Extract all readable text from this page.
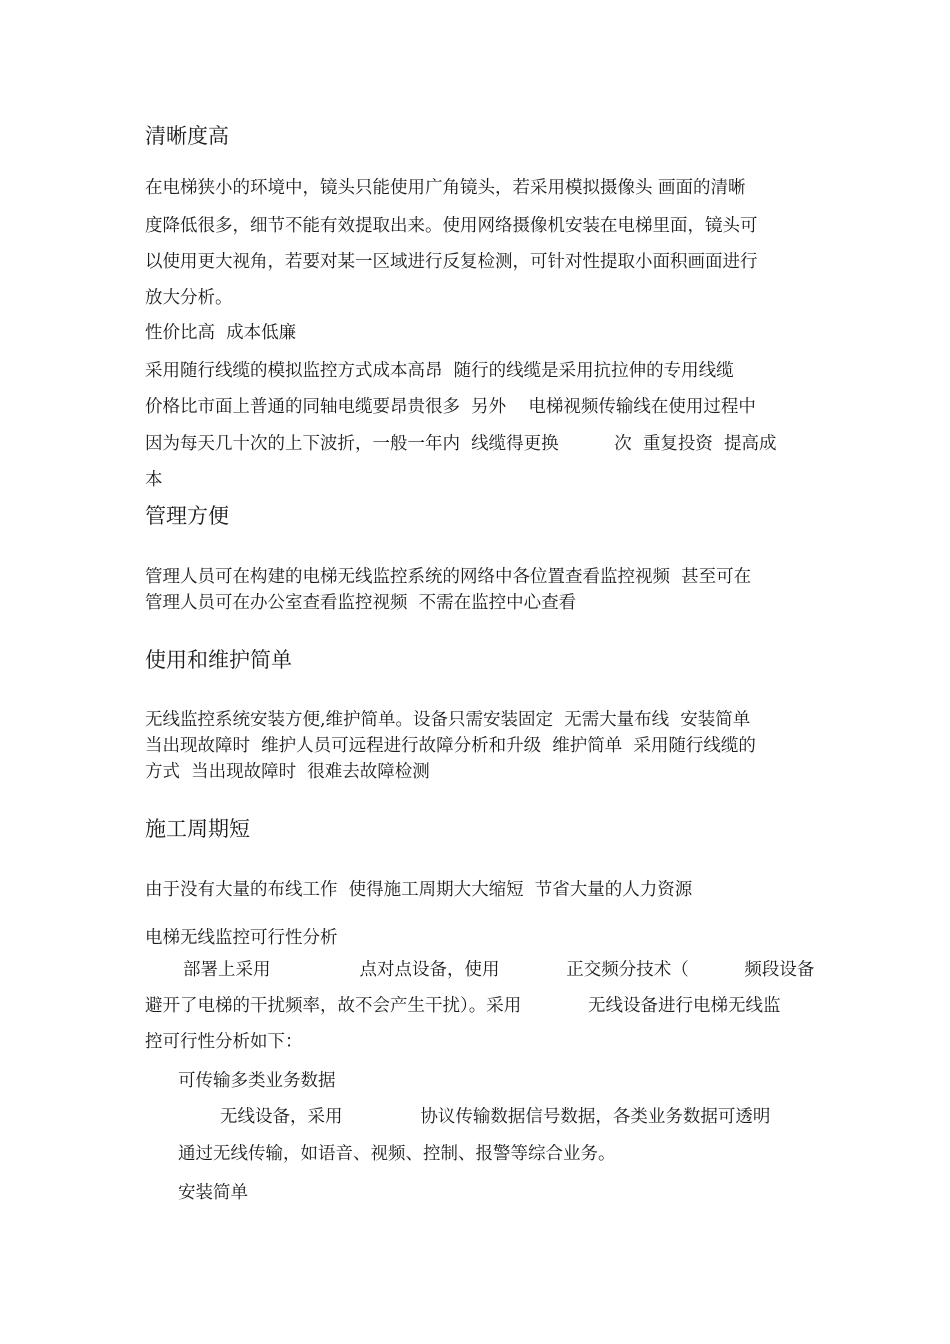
清晰度高
在电梯狭小的环境中，镜头只能使用广角镜头，若采用模拟摄像头 画面的清晰
度降低很多，细节不能有效提取出来。使用网络摄像机安装在电梯里面，镜头可
以使用更大视角，若要对某一区域进行反复检测，可针对性提取小面积画面进行
放大分析。
性价比高  成本低廉
采用随行线缆的模拟监控方式成本高昂  随行的线缆是采用抗拉伸的专用线缆
价格比市面上普通的同轴电缆要昂贵很多  另外    电梯视频传输线在使用过程中
因为每天几十次的上下波折，一般一年内  线缆得更换          次  重复投资  提高成
本
管理方便
管理人员可在构建的电梯无线监控系统的网络中各位置查看监控视频  甚至可在
管理人员可在办公室查看监控视频  不需在监控中心查看
使用和维护简单
无线监控系统安装方便,维护简单。设备只需安装固定  无需大量布线  安装简单
当出现故障时  维护人员可远程进行故障分析和升级  维护简单  采用随行线缆的
方式  当出现故障时  很难去故障检测
施工周期短
由于没有大量的布线工作  使得施工周期大大缩短  节省大量的人力资源
电梯无线监控可行性分析
部署上采用                点对点设备，使用            正交频分技术（          频段设备
避开了电梯的干扰频率，故不会产生干扰）。采用            无线设备进行电梯无线监
控可行性分析如下：
可传输多类业务数据
无线设备，采用              协议传输数据信号数据，各类业务数据可透明
通过无线传输，如语音、视频、控制、报警等综合业务。
安装简单
